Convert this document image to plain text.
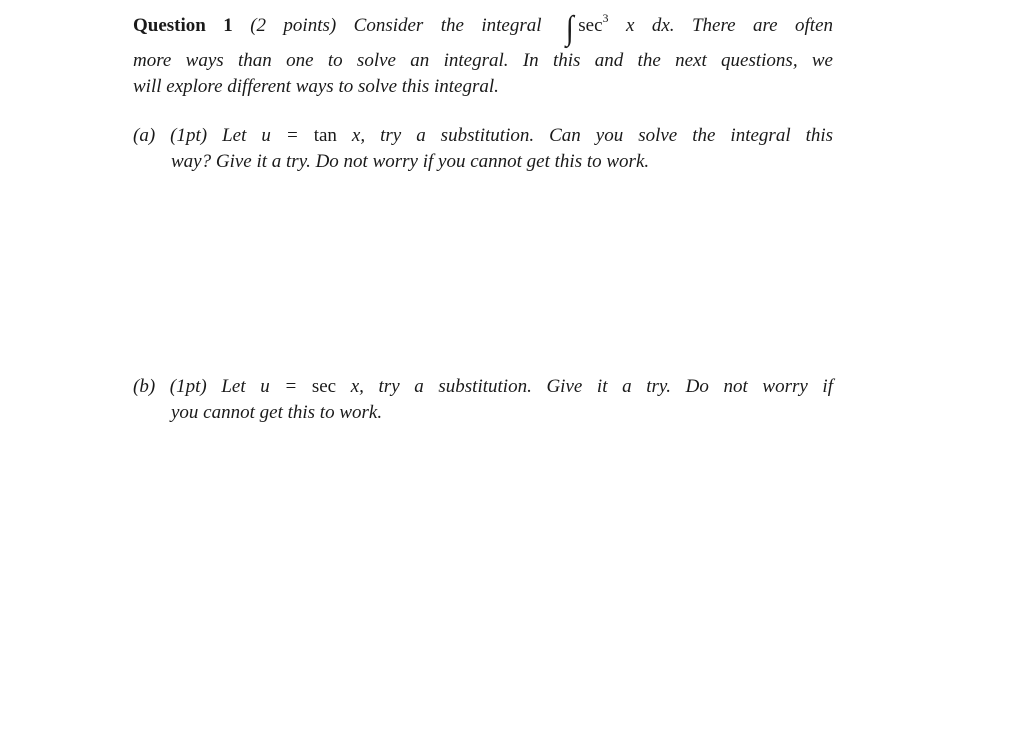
Question 1 (2 points) Consider the integral ∫ $\sec^3 x$ dx. There are often
more ways than one to solve an integral. In this and the next questions, we
will explore different ways to solve this integral.
(a) (1pt) Let u = tan x, try a substitution. Can you solve the integral this
way? Give it a try. Do not worry if you cannot get this to work.
(b) (1pt) Let u = sec x, try a substitution. Give it a try. Do not worry if
you cannot get this to work.
